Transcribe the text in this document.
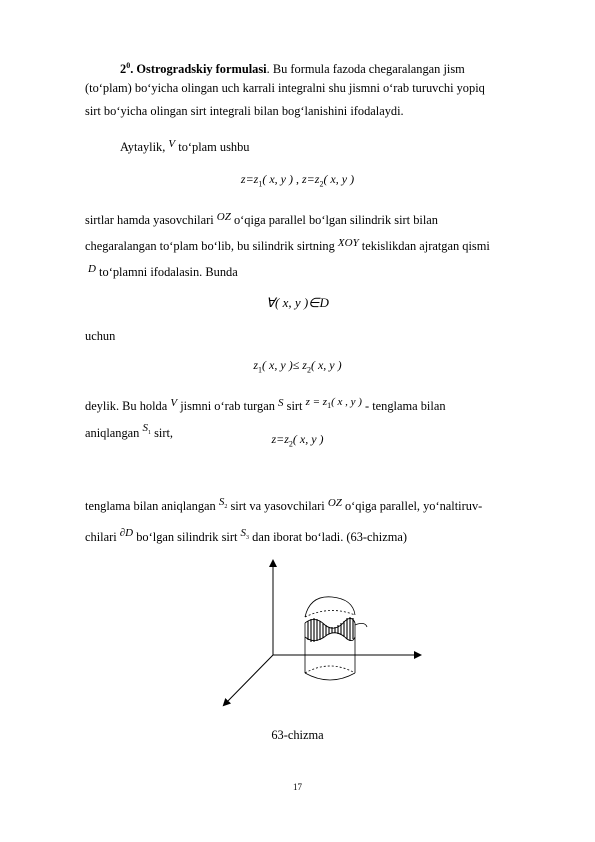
$2^0$. Ostrogradskiy formulasi. Bu formula fazoda chegaralangan jism
(to‘plam) bo‘yicha olingan uch karrali integralni shu jismni o‘rab turuvchi yopiq
sirt bo‘yicha olingan sirt integrali bilan bog‘lanishini ifodalaydi.
Aytaylik, V to‘plam ushbu
$z=z_1$( x, y ) , $z=z_2$( x, y )
sirtlar hamda yasovchilari OZ o‘qiga parallel bo‘lgan silindrik sirt bilan
chegaralangan to‘plam bo‘lib, bu silindrik sirtning XOY tekislikdan ajratgan qismi
D to‘plamni ifodalasin. Bunda
∀( x, y )∈D
uchun
$z_1$( x, y )≤ $z_2$( x, y )
deylik. Bu holda V jismni o‘rab turgan S sirt $z = z_1$( x , y ) - tenglama bilan
aniqlangan $S_1$ sirt,	$z=z_2$( x, y )
tenglama bilan aniqlangan $S_2$ sirt va yasovchilari OZ o‘qiga parallel, yo‘naltiruv-
chilari ∂D bo‘lgan silindrik sirt $S_3$ dan iborat bo‘ladi. (63-chizma)
63-chizma
17
